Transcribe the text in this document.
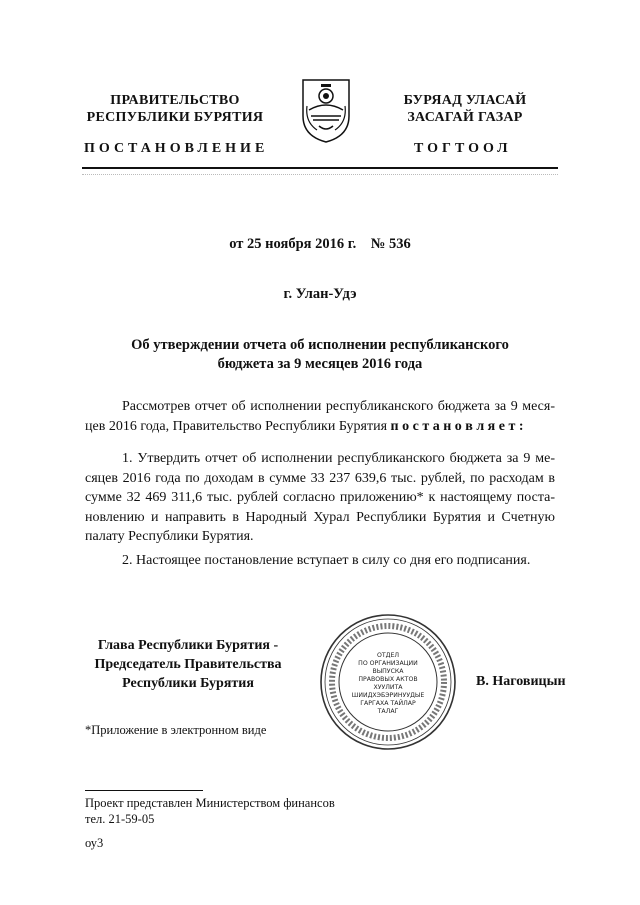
ПРАВИТЕЛЬСТВО
РЕСПУБЛИКИ БУРЯТИЯ
ПОСТАНОВЛЕНИЕ
БУРЯАД УЛАСАЙ
ЗАСАГАЙ ГАЗАР
ТОГТООЛ
от 25 ноября 2016 г.    № 536
г. Улан-Удэ
Об утверждении отчета об исполнении республиканского
бюджета за 9 месяцев 2016 года
Рассмотрев отчет об исполнении республиканского бюджета за 9 меся-цев 2016 года, Правительство Республики Бурятия п о с т а н о в л я е т :
1. Утвердить отчет об исполнении республиканского бюджета за 9 ме-сяцев 2016 года по доходам в сумме 33 237 639,6 тыс. рублей, по расходам в сумме 32 469 311,6 тыс. рублей согласно приложению* к настоящему поста-новлению и направить в Народный Хурал Республики Бурятия и Счетную палату Республики Бурятия.
2. Настоящее постановление вступает в силу со дня его подписания.
Глава Республики Бурятия -
Председатель Правительства
Республики Бурятия
ОТДЕЛ
ПО ОРГАНИЗАЦИИ
ВЫПУСКА
ПРАВОВЫХ АКТОВ
ХУУЛИТА
ШИИДХЭБЭРИНУУДЫЕ
ГАРГАХА ТАЙЛАР
ТАЛАГ
В. Наговицын
*Приложение в электронном виде
Проект представлен Министерством финансов
тел. 21-59-05
оу3
